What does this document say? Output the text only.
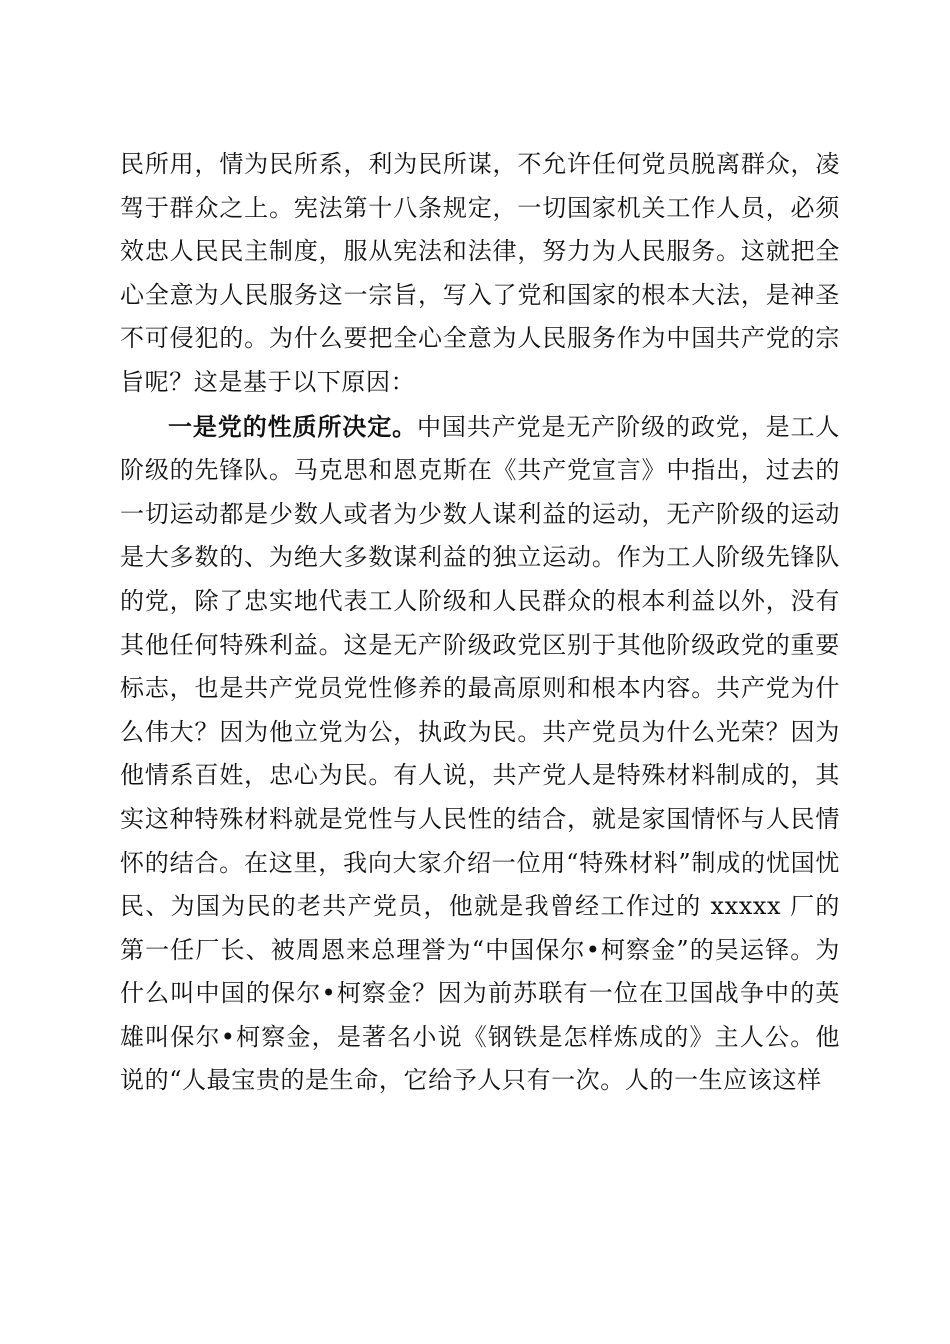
民所用，情为民所系，利为民所谋，不允许任何党员脱离群众，凌驾于群众之上。宪法第十八条规定，一切国家机关工作人员，必须效忠人民民主制度，服从宪法和法律，努力为人民服务。这就把全心全意为人民服务这一宗旨，写入了党和国家的根本大法，是神圣不可侵犯的。为什么要把全心全意为人民服务作为中国共产党的宗旨呢？这是基于以下原因：

一是党的性质所决定。中国共产党是无产阶级的政党，是工人阶级的先锋队。马克思和恩克斯在《共产党宣言》中指出，过去的一切运动都是少数人或者为少数人谋利益的运动，无产阶级的运动是大多数的、为绝大多数谋利益的独立运动。作为工人阶级先锋队的党，除了忠实地代表工人阶级和人民群众的根本利益以外，没有其他任何特殊利益。这是无产阶级政党区别于其他阶级政党的重要标志，也是共产党员党性修养的最高原则和根本内容。共产党为什么伟大？因为他立党为公，执政为民。共产党员为什么光荣？因为他情系百姓，忠心为民。有人说，共产党人是特殊材料制成的，其实这种特殊材料就是党性与人民性的结合，就是家国情怀与人民情怀的结合。在这里，我向大家介绍一位用“特殊材料”制成的忧国忧民、为国为民的老共产党员，他就是我曾经工作过的 xxxxx 厂的第一任厂长、被周恩来总理誉为“中国保尔•柯察金”的吴运铎。为什么叫中国的保尔•柯察金？因为前苏联有一位在卫国战争中的英雄叫保尔•柯察金，是著名小说《钢铁是怎样炼成的》主人公。他说的“人最宝贵的是生命，它给予人只有一次。人的一生应该这样
